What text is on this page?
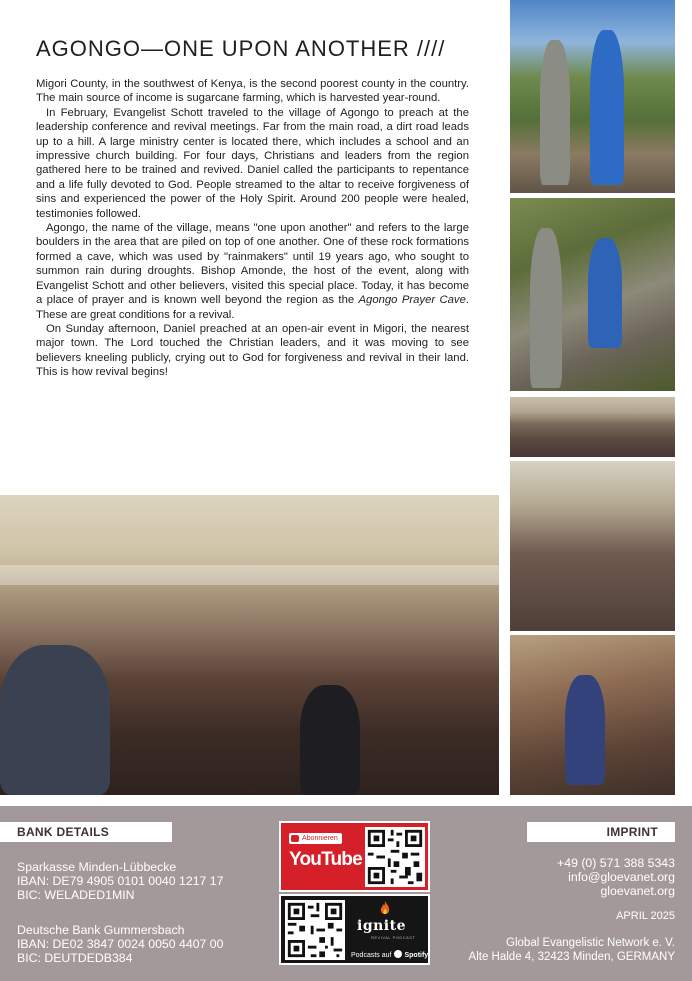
AGONGO—ONE UPON ANOTHER ////

Migori County, in the southwest of Kenya, is the second poorest county in the country. The main source of income is sugarcane farming, which is harvested year-round.

In February, Evangelist Schott traveled to the village of Agongo to preach at the leadership conference and revival meetings. Far from the main road, a dirt road leads up to a hill. A large ministry center is located there, which includes a school and an impressive church building. For four days, Christians and leaders from the region gathered here to be trained and revived. Daniel called the participants to repentance and a life fully devoted to God. People streamed to the altar to receive forgiveness of sins and experienced the power of the Holy Spirit. Around 200 people were healed, testimonies followed.

Agongo, the name of the village, means "one upon another" and refers to the large boulders in the area that are piled on top of one another. One of these rock formations formed a cave, which was used by "rainmakers" until 19 years ago, who sought to summon rain during droughts. Bishop Amonde, the host of the event, along with Evangelist Schott and other believers, visited this special place. Today, it has become a place of prayer and is known well beyond the region as the Agongo Prayer Cave. These are great conditions for a revival.

On Sunday afternoon, Daniel preached at an open-air event in Migori, the nearest major town. The Lord touched the Christian leaders, and it was moving to see believers kneeling publicly, crying out to God for forgiveness and revival in their land. This is how revival begins!

BANK DETAILS
Sparkasse Minden-Lübbecke
IBAN: DE79 4905 0101 0040 1217 17
BIC: WELADED1MIN
Deutsche Bank Gummersbach
IBAN: DE02 3847 0024 0050 4407 00
BIC: DEUTDEDB384
Abonnieren
YouTube
ignite
REVIVAL PODCAST
Podcasts auf Spotify
IMPRINT
+49 (0) 571 388 5343
info@gloevanet.org
gloevanet.org
APRIL 2025
Global Evangelistic Network e. V.
Alte Halde 4, 32423 Minden, GERMANY
